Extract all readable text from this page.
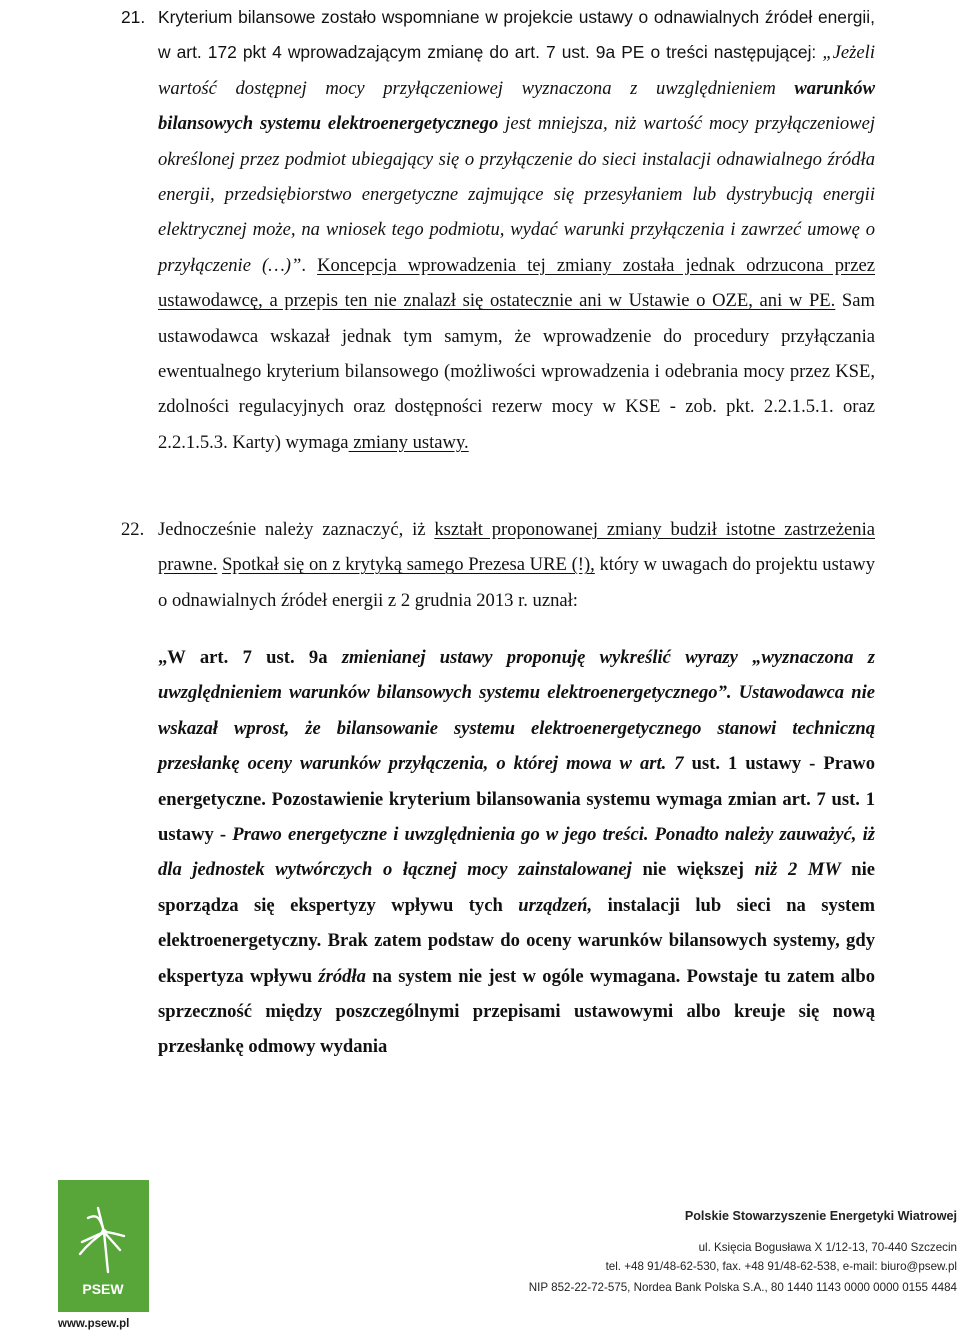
21. Kryterium bilansowe zostało wspomniane w projekcie ustawy o odnawialnych źródeł energii, w art. 172 pkt 4 wprowadzającym zmianę do art. 7 ust. 9a PE o treści następującej: „Jeżeli wartość dostępnej mocy przyłączeniowej wyznaczona z uwzględnieniem warunków bilansowych systemu elektroenergetycznego jest mniejsza, niż wartość mocy przyłączeniowej określonej przez podmiot ubiegający się o przyłączenie do sieci instalacji odnawialnego źródła energii, przedsiębiorstwo energetyczne zajmujące się przesyłaniem lub dystrybucją energii elektrycznej może, na wniosek tego podmiotu, wydać warunki przyłączenia i zawrzeć umowę o przyłączenie (…)”. Koncepcja wprowadzenia tej zmiany została jednak odrzucona przez ustawodawcę, a przepis ten nie znalazł się ostatecznie ani w Ustawie o OZE, ani w PE. Sam ustawodawca wskazał jednak tym samym, że wprowadzenie do procedury przyłączania ewentualnego kryterium bilansowego (możliwości wprowadzenia i odebrania mocy przez KSE, zdolności regulacyjnych oraz dostępności rezerw mocy w KSE - zob. pkt. 2.2.1.5.1. oraz 2.2.1.5.3. Karty) wymaga zmiany ustawy.
22. Jednocześnie należy zaznaczyć, iż kształt proponowanej zmiany budził istotne zastrzeżenia prawne. Spotkał się on z krytyką samego Prezesa URE (!), który w uwagach do projektu ustawy o odnawialnych źródeł energii z 2 grudnia 2013 r. uznał:
„W art. 7 ust. 9a zmienianej ustawy proponuję wykreślić wyrazy „wyznaczona z uwzględnieniem warunków bilansowych systemu elektroenergetycznego”. Ustawodawca nie wskazał wprost, że bilansowanie systemu elektroenergetycznego stanowi techniczną przesłankę oceny warunków przyłączenia, o której mowa w art. 7 ust. 1 ustawy - Prawo energetyczne. Pozostawienie kryterium bilansowania systemu wymaga zmian art. 7 ust. 1 ustawy - Prawo energetyczne i uwzględnienia go w jego treści. Ponadto należy zauważyć, iż dla jednostek wytwórczych o łącznej mocy zainstalowanej nie większej niż 2 MW nie sporządza się ekspertyzy wpływu tych urządzeń, instalacji lub sieci na system elektroenergetyczny. Brak zatem podstaw do oceny warunków bilansowych systemy, gdy ekspertyza wpływu źródła na system nie jest w ogóle wymagana. Powstaje tu zatem albo sprzeczność między poszczególnymi przepisami ustawowymi albo kreuje się nową przesłankę odmowy wydania
PSEW
www.psew.pl
Polskie Stowarzyszenie Energetyki Wiatrowej
ul. Księcia Bogusława X 1/12-13, 70-440 Szczecin
tel. +48 91/48-62-530, fax. +48 91/48-62-538, e-mail: biuro@psew.pl
NIP 852-22-72-575, Nordea Bank Polska S.A., 80 1440 1143 0000 0000 0155 4484
